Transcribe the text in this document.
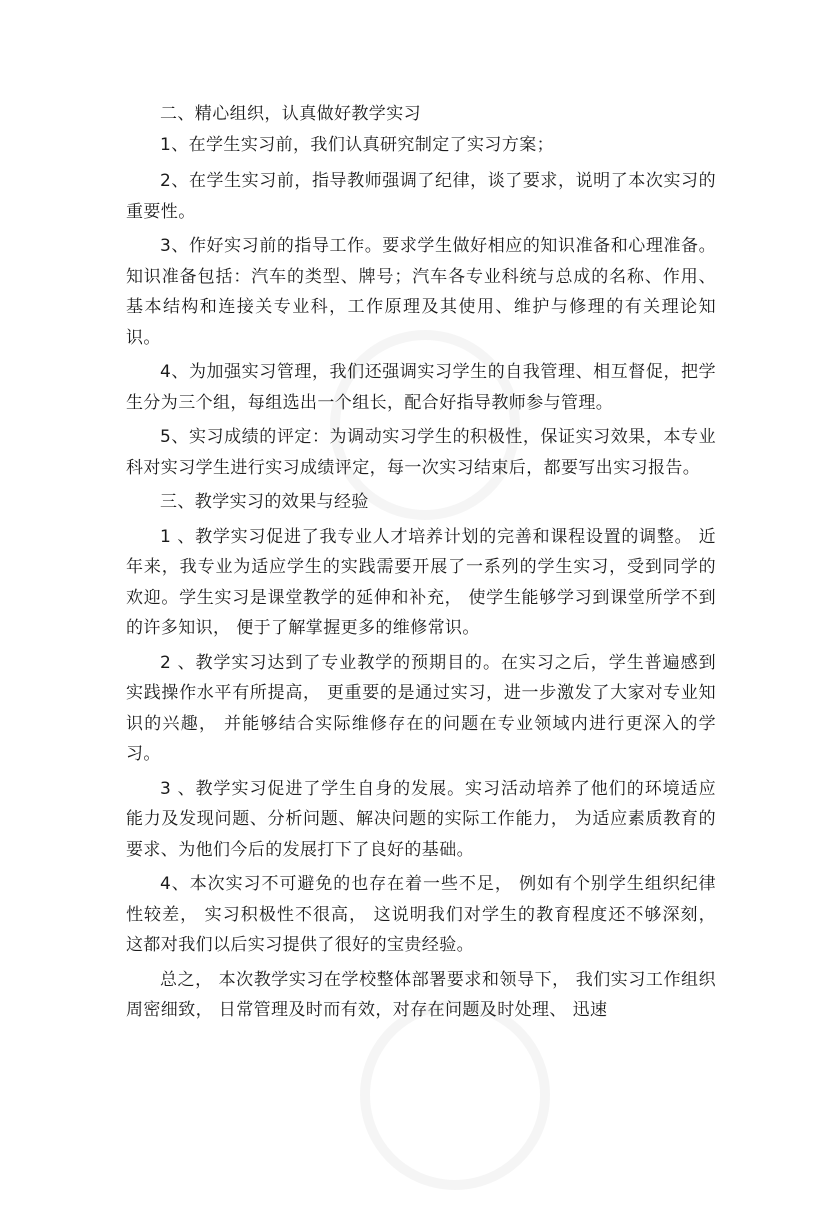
二、精心组织，认真做好教学实习

1、在学生实习前，我们认真研究制定了实习方案；

2、在学生实习前，指导教师强调了纪律，谈了要求，说明了本次实习的重要性。

3、作好实习前的指导工作。要求学生做好相应的知识准备和心理准备。知识准备包括：汽车的类型、牌号；汽车各专业科统与总成的名称、作用、基本结构和连接关专业科，工作原理及其使用、维护与修理的有关理论知识。

4、为加强实习管理，我们还强调实习学生的自我管理、相互督促，把学生分为三个组，每组选出一个组长，配合好指导教师参与管理。

5、实习成绩的评定：为调动实习学生的积极性，保证实习效果，本专业科对实习学生进行实习成绩评定，每一次实习结束后，都要写出实习报告。

三、教学实习的效果与经验

1 、教学实习促进了我专业人才培养计划的完善和课程设置的调整。 近年来，我专业为适应学生的实践需要开展了一系列的学生实习，受到同学的欢迎。学生实习是课堂教学的延伸和补充， 使学生能够学习到课堂所学不到的许多知识， 便于了解掌握更多的维修常识。

2 、教学实习达到了专业教学的预期目的。在实习之后，学生普遍感到实践操作水平有所提高， 更重要的是通过实习，进一步激发了大家对专业知识的兴趣， 并能够结合实际维修存在的问题在专业领域内进行更深入的学习。

3 、教学实习促进了学生自身的发展。实习活动培养了他们的环境适应能力及发现问题、分析问题、解决问题的实际工作能力， 为适应素质教育的要求、为他们今后的发展打下了良好的基础。

4、本次实习不可避免的也存在着一些不足， 例如有个别学生组织纪律性较差， 实习积极性不很高， 这说明我们对学生的教育程度还不够深刻， 这都对我们以后实习提供了很好的宝贵经验。

总之， 本次教学实习在学校整体部署要求和领导下， 我们实习工作组织周密细致， 日常管理及时而有效，对存在问题及时处理、 迅速
